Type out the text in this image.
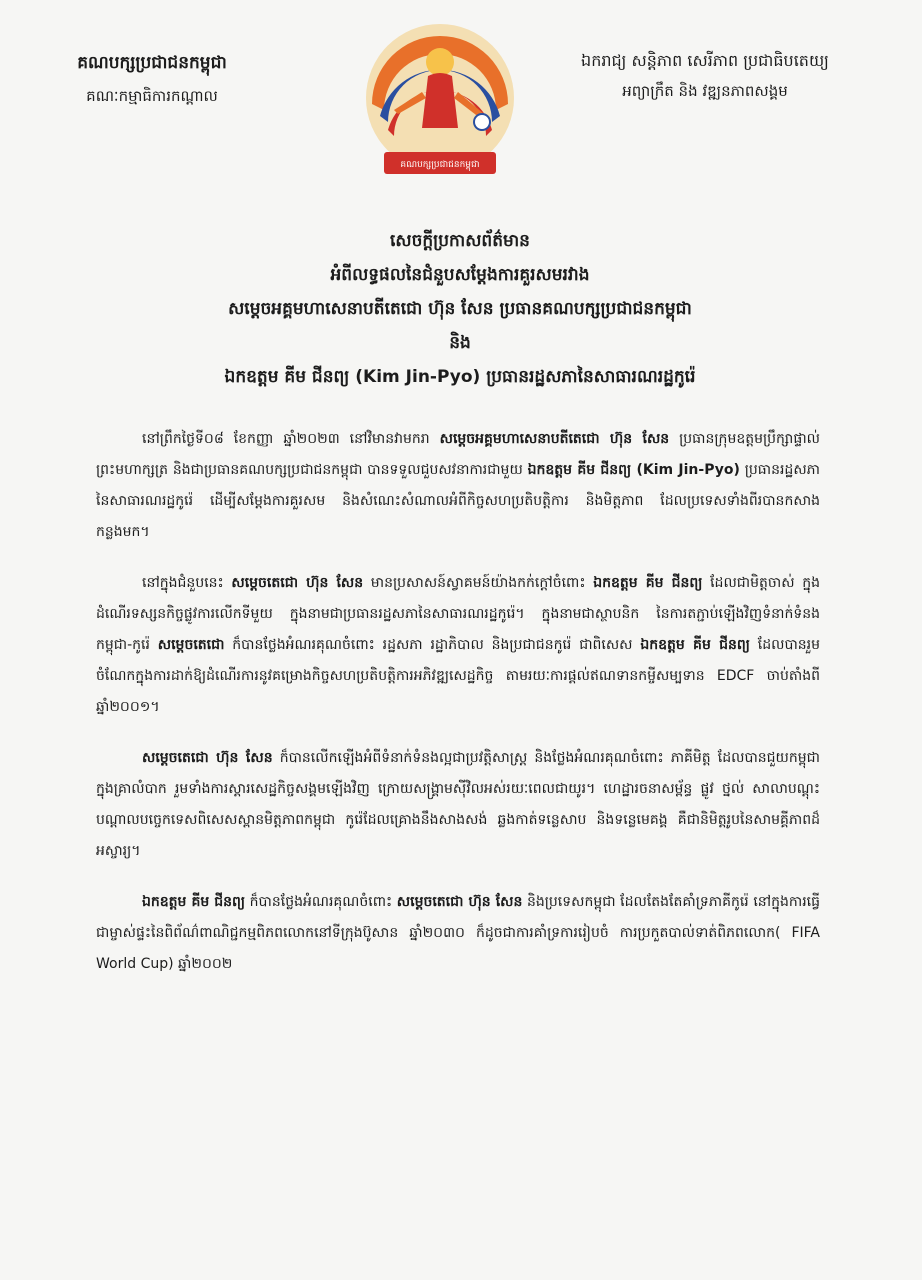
គណបក្សប្រជាជនកម្ពុជា
គណៈកម្មាធិការកណ្តាល
គណបក្សប្រជាជនកម្ពុជា
ឯករាជ្យ សន្តិភាព សេរីភាព ប្រជាធិបតេយ្យ
អព្យាក្រឹត និង វឌ្ឍនភាពសង្គម
សេចក្តីប្រកាសព័ត៌មាន
អំពីលទ្ធផលនៃជំនួបសម្តែងការគួរសមរវាង
សម្តេចអគ្គមហាសេនាបតីតេជោ ហ៊ុន សែន ប្រធានគណបក្សប្រជាជនកម្ពុជា
និង
ឯកឧត្តម គីម ជីនព្យ (Kim Jin-Pyo) ប្រធានរដ្ឋសភានៃសាធារណរដ្ឋកូរ៉េ

នៅព្រឹកថ្ងៃទី០៨ ខែកញ្ញា ឆ្នាំ២០២៣ នៅវិមានវាមករា សម្តេចអគ្គមហាសេនាបតីតេជោ ហ៊ុន សែន ប្រធានក្រុមឧត្តមប្រឹក្សាផ្ទាល់ព្រះមហាក្សត្រ និងជាប្រធានគណបក្សប្រជាជនកម្ពុជា បានទទួលជួបសវនាការជាមួយ ឯកឧត្តម គីម ជីនព្យ (Kim Jin-Pyo) ប្រធានរដ្ឋសភានៃសាធារណរដ្ឋកូរ៉េ ដើម្បីសម្តែងការគួរសម និងសំណេះសំណាលអំពីកិច្ចសហប្រតិបត្តិការ និងមិត្តភាព ដែលប្រទេសទាំងពីរបានកសាងកន្លងមក។

នៅក្នុងជំនួបនេះ សម្តេចតេជោ ហ៊ុន សែន មានប្រសាសន៍ស្វាគមន៍យ៉ាងកក់ក្តៅចំពោះ ឯកឧត្តម គីម ជីនព្យ ដែលជាមិត្តចាស់ ក្នុងដំណើរទស្សនកិច្ចផ្លូវការលើកទីមួយ ក្នុងនាមជាប្រធានរដ្ឋសភានៃសាធារណរដ្ឋកូរ៉េ។ ក្នុងនាមជាស្ថាបនិក នៃការតភ្ជាប់ឡើងវិញទំនាក់ទំនង កម្ពុជា-កូរ៉េ សម្តេចតេជោ ក៏បានថ្លែងអំណរគុណចំពោះ រដ្ឋសភា រដ្ឋាភិបាល និងប្រជាជនកូរ៉េ ជាពិសេស ឯកឧត្តម គីម ជីនព្យ ដែលបានរួមចំណែកក្នុងការដាក់ឱ្យដំណើរការនូវគម្រោងកិច្ចសហប្រតិបត្តិការអភិវឌ្ឍសេដ្ឋកិច្ច តាមរយៈការផ្តល់ឥណទានកម្ចីសម្បទាន EDCF ចាប់តាំងពីឆ្នាំ២០០១។

សម្តេចតេជោ ហ៊ុន សែន ក៏បានលើកឡើងអំពីទំនាក់ទំនងល្អជាប្រវត្តិសាស្ត្រ និងថ្លែងអំណរគុណចំពោះ ភាគីមិត្ត ដែលបានជួយកម្ពុជាក្នុងគ្រាលំបាក រួមទាំងការស្តារសេដ្ឋកិច្ចសង្គមឡើងវិញ ក្រោយសង្គ្រាមស៊ីវិលអស់រយៈពេលជាយូរ។ ហេដ្ឋារចនាសម្ព័ន្ធ ផ្លូវ ថ្នល់ សាលាបណ្តុះបណ្តាលបច្ចេកទេសពិសេសស្ពានមិត្តភាពកម្ពុជា កូរ៉េដែលគ្រោងនឹងសាងសង់ ឆ្លងកាត់ទន្លេសាប និងទន្លេមេគង្គ គឺជានិមិត្តរូបនៃសាមគ្គីភាពដ៏អស្ចារ្យ។

ឯកឧត្តម គីម ជីនព្យ ក៏បានថ្លែងអំណរគុណចំពោះ សម្តេចតេជោ ហ៊ុន សែន និងប្រទេសកម្ពុជា ដែលតែងតែគាំទ្រភាគីកូរ៉េ នៅក្នុងការធ្វើជាម្ចាស់ផ្ទះនៃពិព័ណ៌ពាណិជ្ជកម្មពិភពលោកនៅទីក្រុងប៊ូសាន ឆ្នាំ២០៣០ ក៏ដូចជាការគាំទ្រការរៀបចំ ការប្រកួតបាល់ទាត់ពិភពលោក( FIFA World Cup) ឆ្នាំ២០០២
